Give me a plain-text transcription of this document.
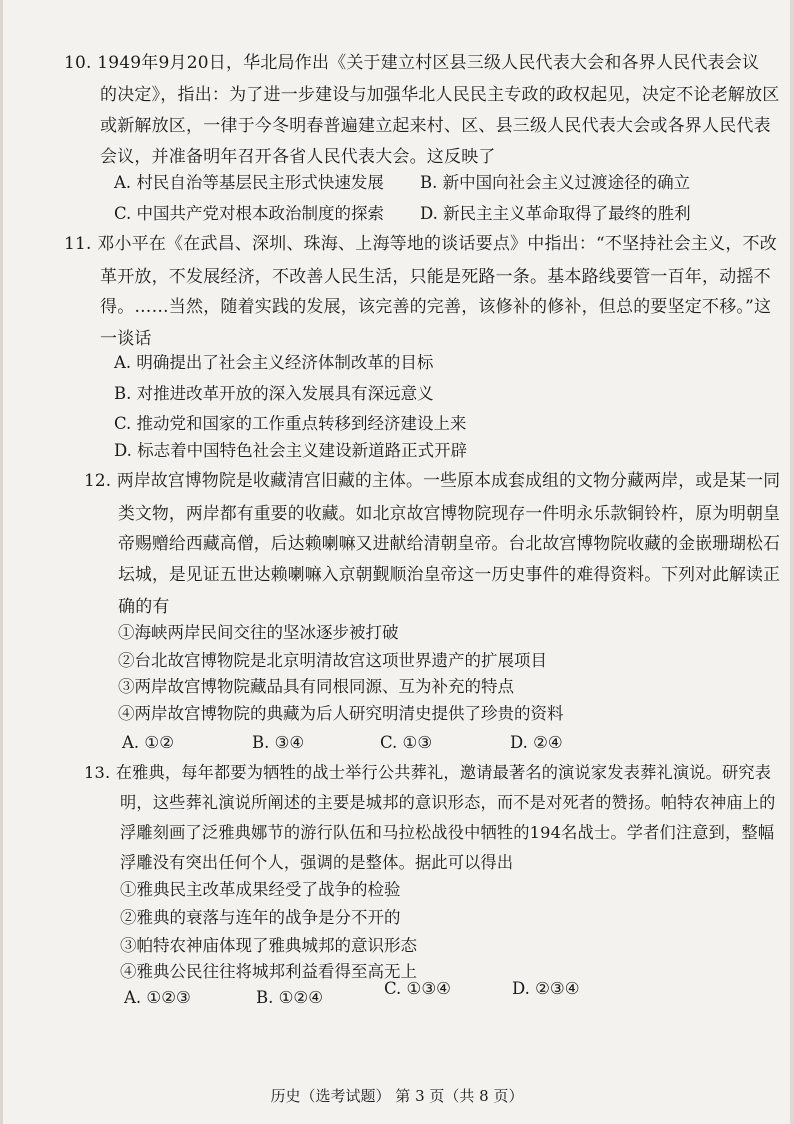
10. 1949年9月20日，华北局作出《关于建立村区县三级人民代表大会和各界人民代表会议
的决定》，指出：为了进一步建设与加强华北人民民主专政的政权起见，决定不论老解放区
或新解放区，一律于今冬明春普遍建立起来村、区、县三级人民代表大会或各界人民代表
会议，并准备明年召开各省人民代表大会。这反映了
A. 村民自治等基层民主形式快速发展 B. 新中国向社会主义过渡途径的确立
C. 中国共产党对根本政治制度的探索 D. 新民主主义革命取得了最终的胜利
11. 邓小平在《在武昌、深圳、珠海、上海等地的谈话要点》中指出：“不坚持社会主义，不改
革开放，不发展经济，不改善人民生活，只能是死路一条。基本路线要管一百年，动摇不
得。……当然，随着实践的发展，该完善的完善，该修补的修补，但总的要坚定不移。”这
一谈话
A. 明确提出了社会主义经济体制改革的目标
B. 对推进改革开放的深入发展具有深远意义
C. 推动党和国家的工作重点转移到经济建设上来
D. 标志着中国特色社会主义建设新道路正式开辟
12. 两岸故宫博物院是收藏清宫旧藏的主体。一些原本成套成组的文物分藏两岸，或是某一同
类文物，两岸都有重要的收藏。如北京故宫博物院现存一件明永乐款铜铃杵，原为明朝皇
帝赐赠给西藏高僧，后达赖喇嘛又进献给清朝皇帝。台北故宫博物院收藏的金嵌珊瑚松石
坛城，是见证五世达赖喇嘛入京朝觐顺治皇帝这一历史事件的难得资料。下列对此解读正
确的有
①海峡两岸民间交往的坚冰逐步被打破
②台北故宫博物院是北京明清故宫这项世界遗产的扩展项目
③两岸故宫博物院藏品具有同根同源、互为补充的特点
④两岸故宫博物院的典藏为后人研究明清史提供了珍贵的资料
A. ①②	B. ③④	C. ①③	D. ②④
13. 在雅典，每年都要为牺牲的战士举行公共葬礼，邀请最著名的演说家发表葬礼演说。研究表
明，这些葬礼演说所阐述的主要是城邦的意识形态，而不是对死者的赞扬。帕特农神庙上的
浮雕刻画了泛雅典娜节的游行队伍和马拉松战役中牺牲的194名战士。学者们注意到，整幅
浮雕没有突出任何个人，强调的是整体。据此可以得出
①雅典民主改革成果经受了战争的检验
②雅典的衰落与连年的战争是分不开的
③帕特农神庙体现了雅典城邦的意识形态
④雅典公民往往将城邦利益看得至高无上
A. ①②③	B. ①②④	C. ①③④	D. ②③④
历史（选考试题） 第 3 页（共 8 页）
